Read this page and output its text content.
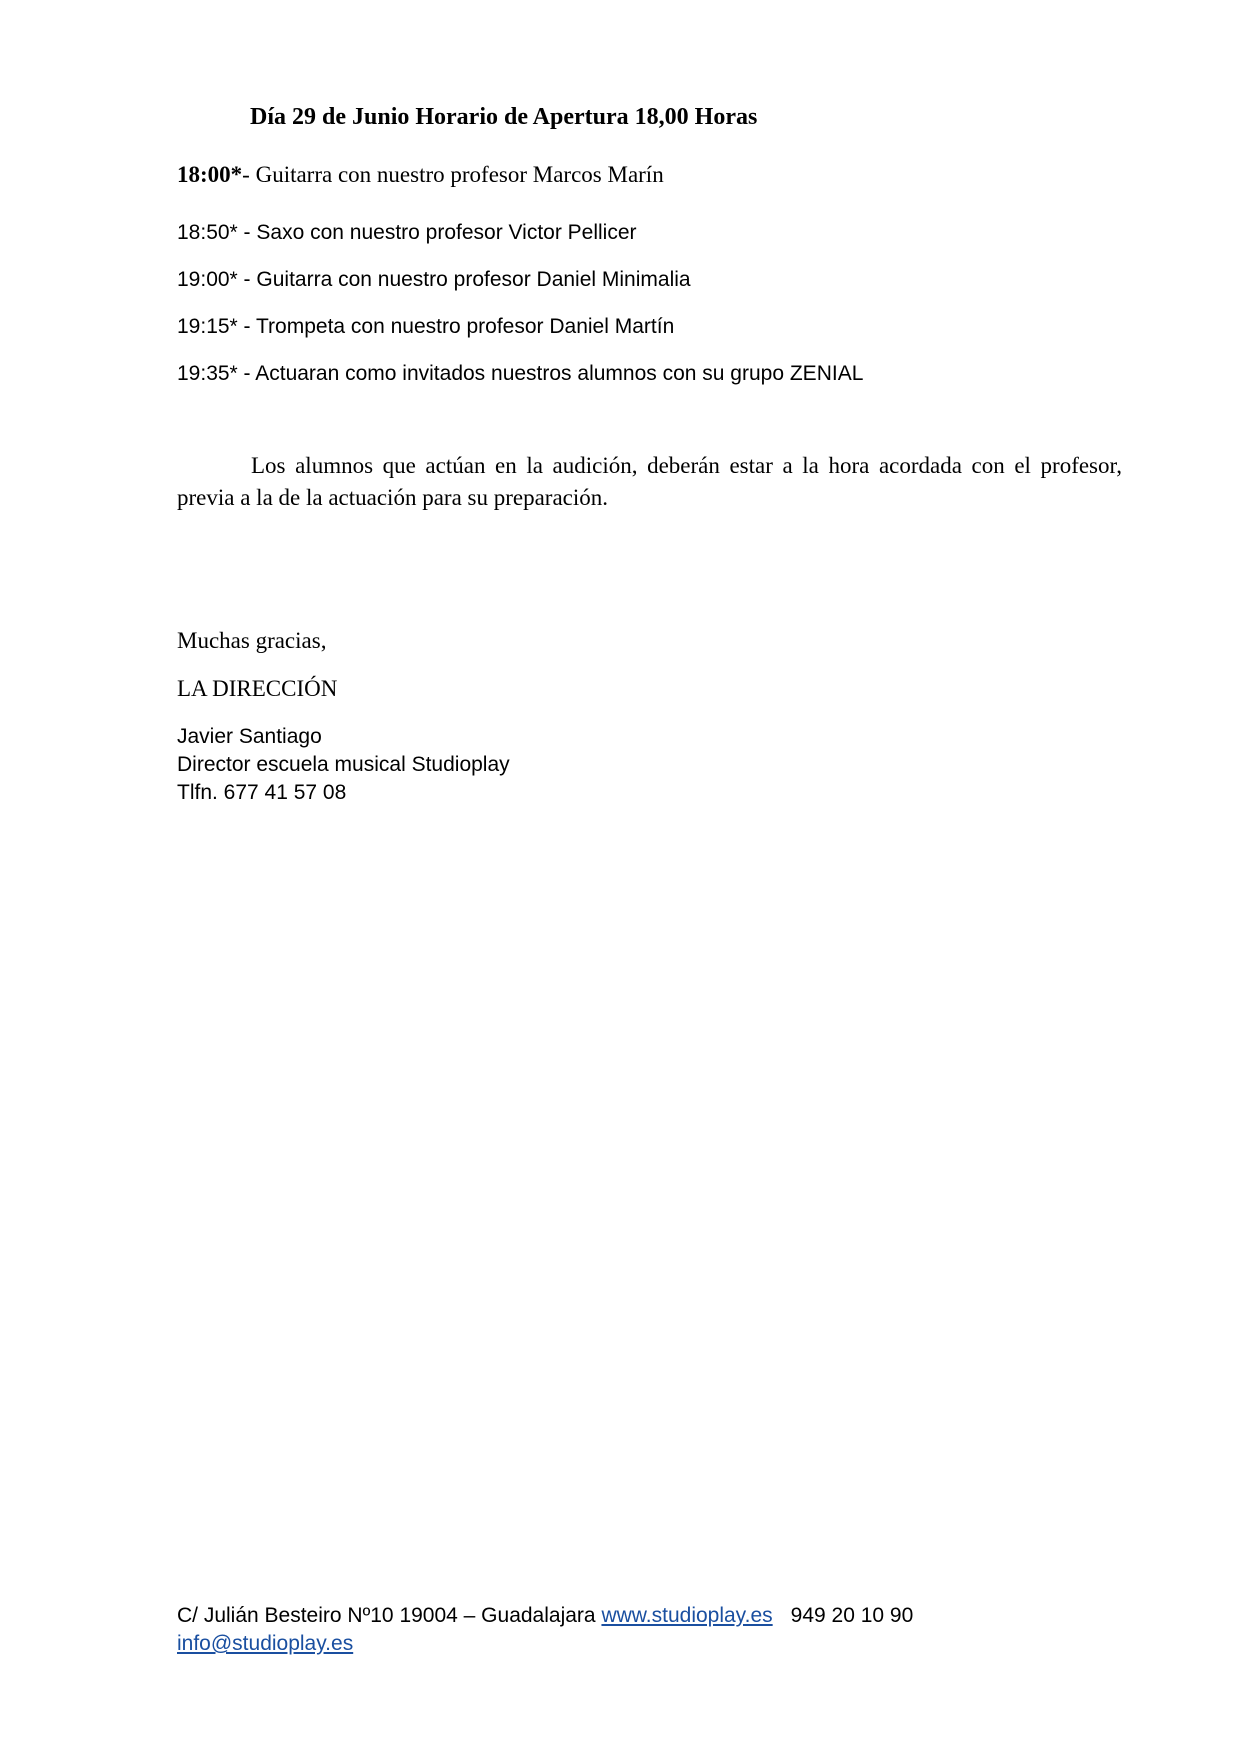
Día 29 de Junio Horario de Apertura 18,00 Horas
18:00*- Guitarra con nuestro profesor Marcos Marín
18:50* - Saxo con nuestro profesor Victor Pellicer
19:00* - Guitarra con nuestro profesor Daniel Minimalia
19:15* - Trompeta con nuestro profesor Daniel Martín
19:35* - Actuaran como invitados nuestros alumnos con su grupo ZENIAL

Los alumnos que actúan en la audición, deberán estar a la hora acordada con el profesor, previa a la de la actuación para su preparación.

Muchas gracias,
LA DIRECCIÓN
Javier Santiago
Director escuela musical Studioplay
Tlfn. 677 41 57 08
C/ Julián Besteiro Nº10 19004 – Guadalajara www.studioplay.es 949 20 10 90
info@studioplay.es
